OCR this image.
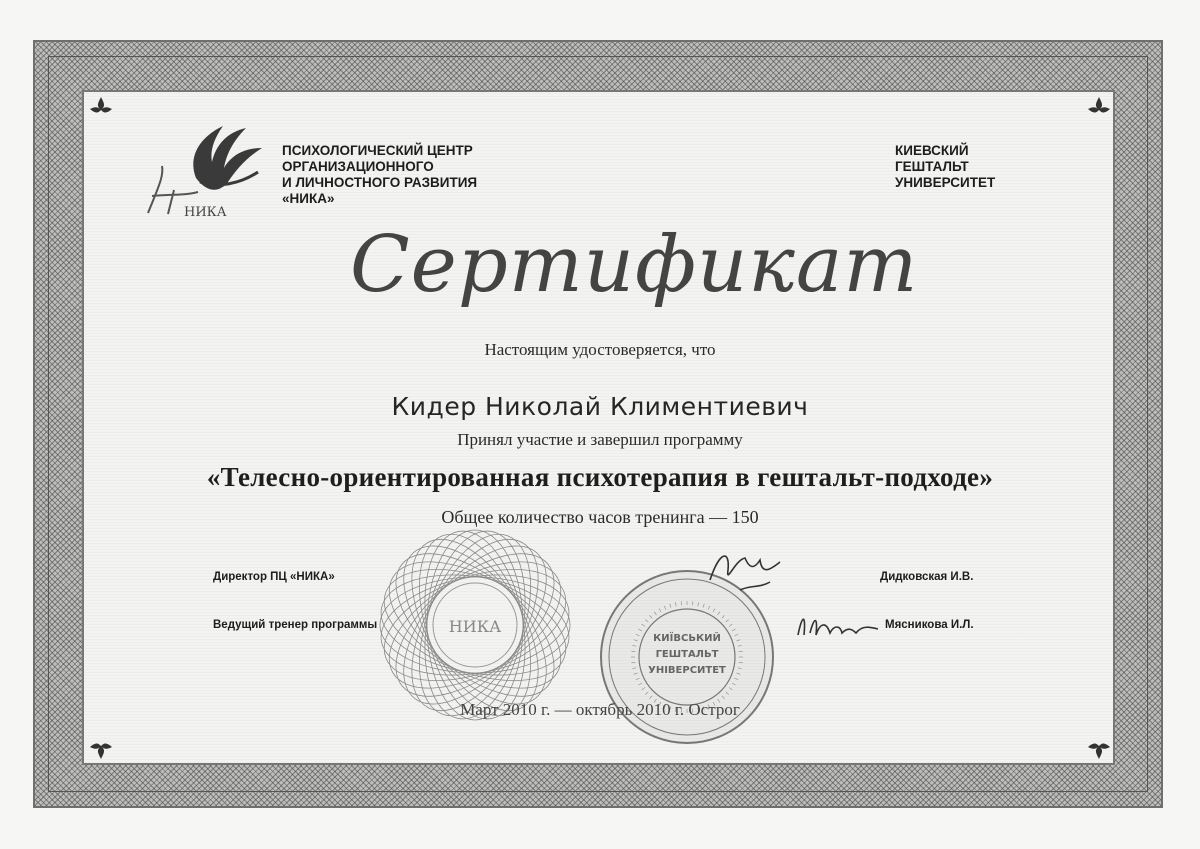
НИКА
ПСИХОЛОГИЧЕСКИЙ ЦЕНТР
ОРГАНИЗАЦИОННОГО
И ЛИЧНОСТНОГО РАЗВИТИЯ
«НИКА»
КИЕВСКИЙ
ГЕШТАЛЬТ
УНИВЕРСИТЕТ
Сертификат
Настоящим удостоверяется, что
Кидер Николай Климентиевич
Принял участие и завершил программу
«Телесно-ориентированная психотерапия в гештальт-подходе»
Общее количество часов тренинга — 150
НИКА
КИЇВСЬКИЙ
ГЕШТАЛЬТ
УНІВЕРСИТЕТ
Директор ПЦ «НИКА»	Дидковская И.В.
Ведущий тренер программы	Мясникова И.Л.
Март 2010 г. — октябрь 2010 г. Острог
